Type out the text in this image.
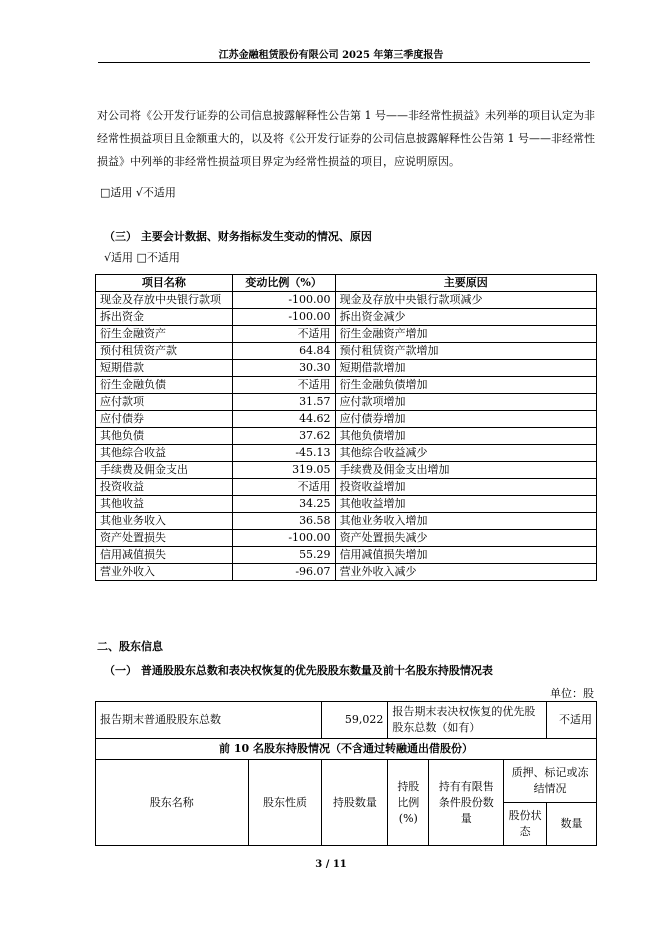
江苏金融租赁股份有限公司 2025 年第三季度报告
对公司将《公开发行证券的公司信息披露解释性公告第 1 号——非经常性损益》未列举的项目认定为非经常性损益项目且金额重大的，以及将《公开发行证券的公司信息披露解释性公告第 1 号——非经常性损益》中列举的非经常性损益项目界定为经常性损益的项目，应说明原因。
□适用 √不适用
（三） 主要会计数据、财务指标发生变动的情况、原因
√适用 □不适用
项目名称	变动比例（%）	主要原因
现金及存放中央银行款项	-100.00	现金及存放中央银行款项减少
拆出资金	-100.00	拆出资金减少
衍生金融资产	不适用	衍生金融资产增加
预付租赁资产款	64.84	预付租赁资产款增加
短期借款	30.30	短期借款增加
衍生金融负债	不适用	衍生金融负债增加
应付款项	31.57	应付款项增加
应付债券	44.62	应付债券增加
其他负债	37.62	其他负债增加
其他综合收益	-45.13	其他综合收益减少
手续费及佣金支出	319.05	手续费及佣金支出增加
投资收益	不适用	投资收益增加
其他收益	34.25	其他收益增加
其他业务收入	36.58	其他业务收入增加
资产处置损失	-100.00	资产处置损失减少
信用减值损失	55.29	信用减值损失增加
营业外收入	-96.07	营业外收入减少
二、股东信息
（一） 普通股股东总数和表决权恢复的优先股股东数量及前十名股东持股情况表
单位：股
报告期末普通股股东总数		59,022	报告期末表决权恢复的优先股股东总数（如有）			不适用
前 10 名股东持股情况（不含通过转融通出借股份）						
股东名称	股东性质	持股数量	持股比例(%)	持有有限售条件股份数量	质押、标记或冻结情况	
					股份状态	数量
3 / 11
